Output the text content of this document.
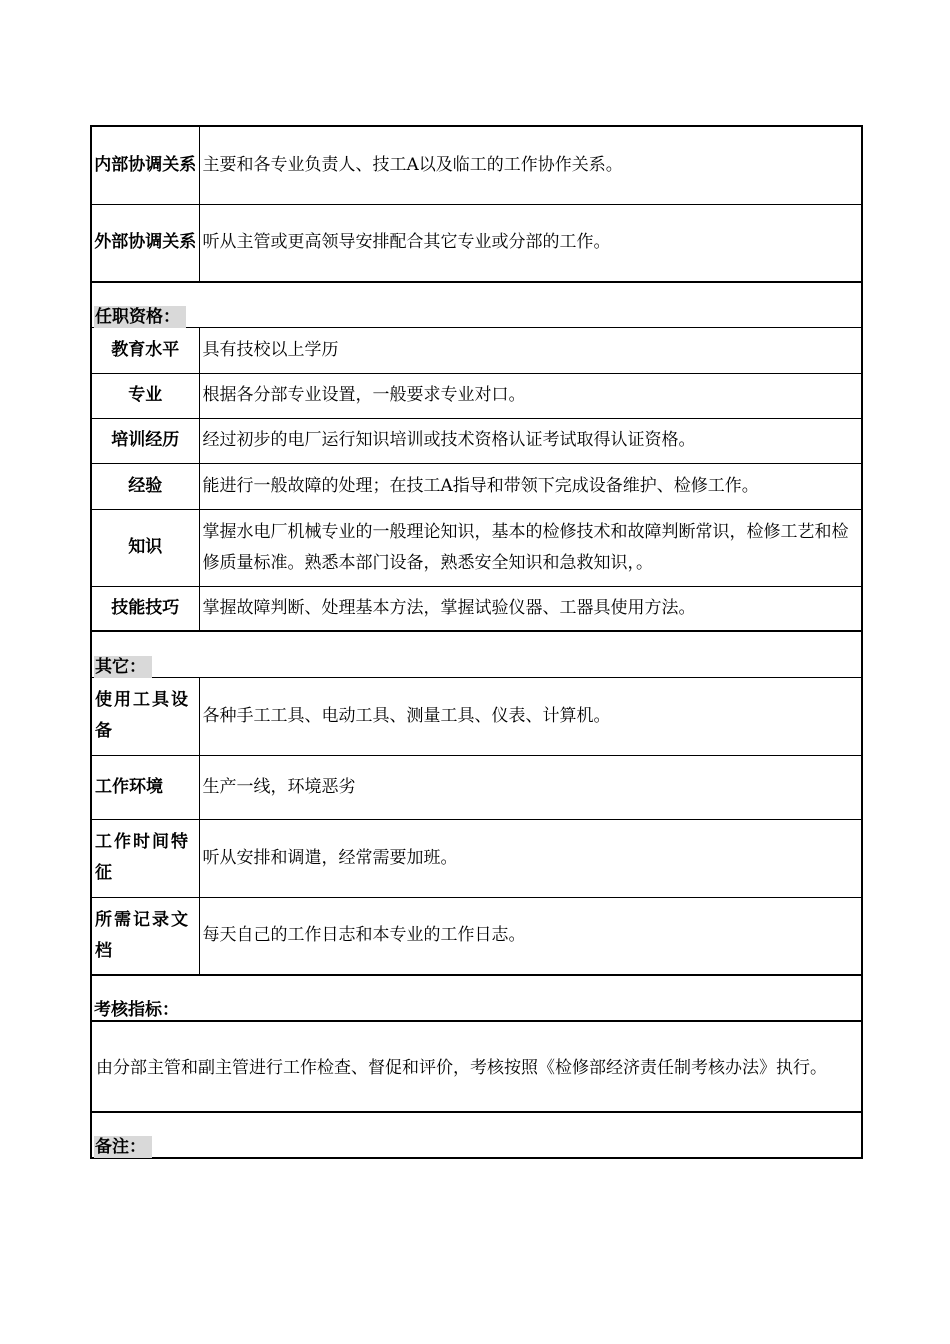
内部协调关系	主要和各专业负责人、技工A以及临工的工作协作关系。
外部协调关系	听从主管或更高领导安排配合其它专业或分部的工作。
任职资格：	
教育水平	具有技校以上学历
专业	根据各分部专业设置，一般要求专业对口。
培训经历	经过初步的电厂运行知识培训或技术资格认证考试取得认证资格。
经验	能进行一般故障的处理；在技工A指导和带领下完成设备维护、检修工作。
知识	掌握水电厂机械专业的一般理论知识，基本的检修技术和故障判断常识，检修工艺和检修质量标准。熟悉本部门设备，熟悉安全知识和急救知识，。
技能技巧	掌握故障判断、处理基本方法，掌握试验仪器、工器具使用方法。
其它：	
使用工具设备	各种手工工具、电动工具、测量工具、仪表、计算机。
工作环境	生产一线，环境恶劣
工作时间特征	听从安排和调遣，经常需要加班。
所需记录文档	每天自己的工作日志和本专业的工作日志。
考核指标：	
由分部主管和副主管进行工作检查、督促和评价，考核按照《检修部经济责任制考核办法》执行。	
备注：	
